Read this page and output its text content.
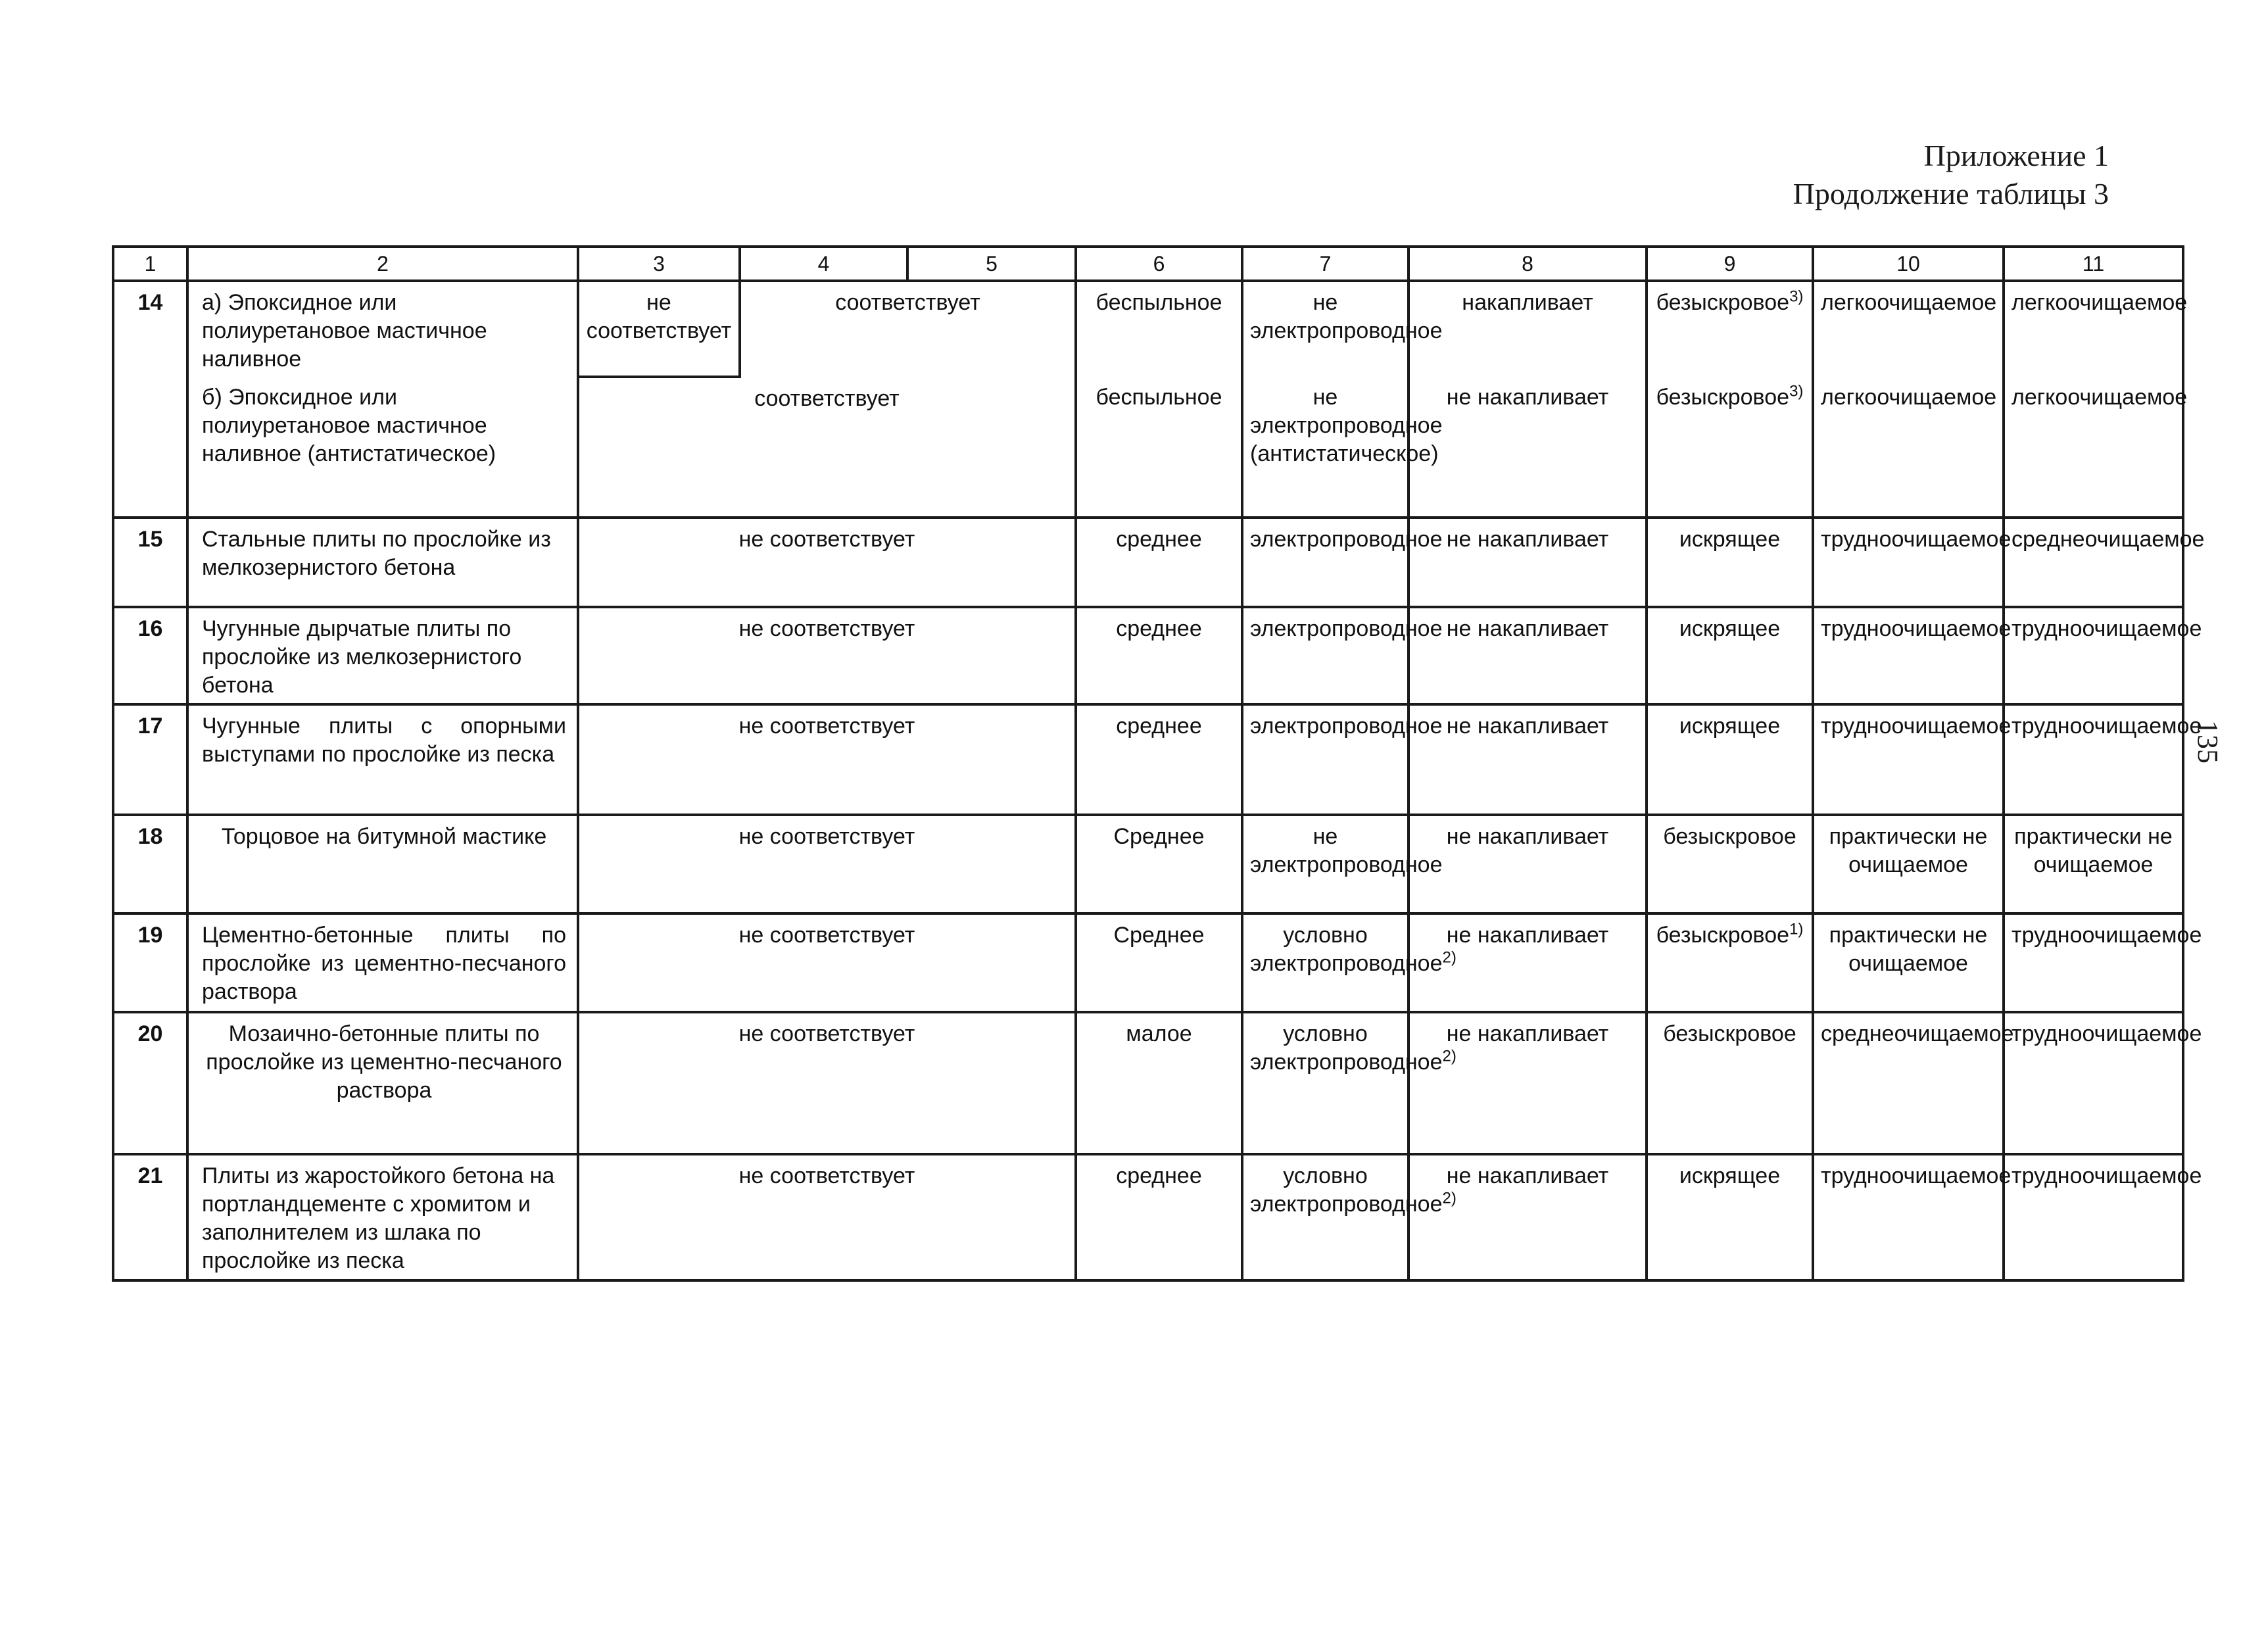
Приложение 1
Продолжение таблицы 3
135
1	2	3	4	5	6	7	8	9	10	11
14	а) Эпоксидное или полиуретановое мастичное наливное	не соответствует	соответствует		беспыльное	не электропроводное	накапливает	безыскровое$^{3)}$	легкоочищаемое	легкоочищаемое
	б) Эпоксидное или полиуретановое мастичное наливное (антистатическое)	соответствует			беспыльное	не электропроводное (антистатическое)	не накапливает	безыскровое$^{3)}$	легкоочищаемое	легкоочищаемое
15	Стальные плиты по прослойке из мелкозернистого бетона	не соответствует			среднее	электропроводное	не накапливает	искрящее	трудноочищаемое	среднеочищаемое
16	Чугунные дырчатые плиты по прослойке из мелкозернистого бетона	не соответствует			среднее	электропроводное	не накапливает	искрящее	трудноочищаемое	трудноочищаемое
17	Чугунные плиты с опорными выступами по прослойке из песка	не соответствует			среднее	электропроводное	не накапливает	искрящее	трудноочищаемое	трудноочищаемое
18	Торцовое на битумной мастике	не соответствует			Среднее	не электропроводное	не накапливает	безыскровое	практически не очищаемое	практически не очищаемое
19	Цементно-бетонные плиты по прослойке из цементно-песчаного раствора	не соответствует			Среднее	условно электропроводное$^{2)}$	не накапливает	безыскровое$^{1)}$	практически не очищаемое	трудноочищаемое
20	Мозаично-бетонные плиты по прослойке из цементно-песчаного раствора	не соответствует			малое	условно электропроводное$^{2)}$	не накапливает	безыскровое	среднеочищаемое	трудноочищаемое
21	Плиты из жаростойкого бетона на портландцементе с хромитом и заполнителем из шлака по прослойке из песка	не соответствует			среднее	условно электропроводное$^{2)}$	не накапливает	искрящее	трудноочищаемое	трудноочищаемое
